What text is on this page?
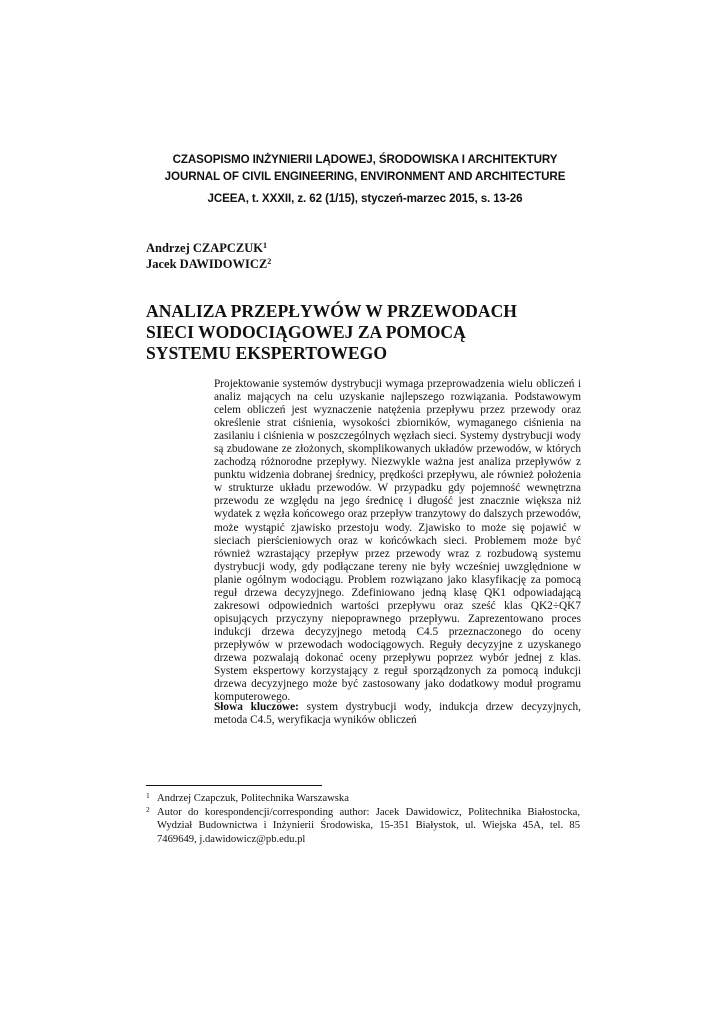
CZASOPISMO INŻYNIERII LĄDOWEJ, ŚRODOWISKA I ARCHITEKTURY
JOURNAL OF CIVIL ENGINEERING, ENVIRONMENT AND ARCHITECTURE
JCEEA, t. XXXII, z. 62 (1/15), styczeń-marzec 2015, s. 13-26
Andrzej CZAPCZUK$^1$
Jacek DAWIDOWICZ$^2$
ANALIZA PRZEPŁYWÓW W PRZEWODACH
SIECI WODOCIĄGOWEJ ZA POMOCĄ
SYSTEMU EKSPERTOWEGO
Projektowanie systemów dystrybucji wymaga przeprowadzenia wielu obliczeń i analiz mających na celu uzyskanie najlepszego rozwiązania. Podstawowym celem obliczeń jest wyznaczenie natężenia przepływu przez przewody oraz określenie strat ciśnienia, wysokości zbiorników, wymaganego ciśnienia na zasilaniu i ciśnienia w poszczególnych węzłach sieci. Systemy dystrybucji wody są zbudowane ze złożonych, skomplikowanych układów przewodów, w których zachodzą różnorodne przepływy. Niezwykle ważna jest analiza przepływów z punktu widzenia dobranej średnicy, prędkości przepływu, ale również położenia w strukturze układu przewodów. W przypadku gdy pojemność wewnętrzna przewodu ze względu na jego średnicę i długość jest znacznie większa niż wydatek z węzła końcowego oraz przepływ tranzytowy do dalszych przewodów, może wystąpić zjawisko przestoju wody. Zjawisko to może się pojawić w sieciach pierścieniowych oraz w końcówkach sieci. Problemem może być również wzrastający przepływ przez przewody wraz z rozbudową systemu dystrybucji wody, gdy podłączane tereny nie były wcześniej uwzględnione w planie ogólnym wodociągu. Problem rozwiązano jako klasyfikację za pomocą reguł drzewa decyzyjnego. Zdefiniowano jedną klasę QK1 odpowiadającą zakresowi odpowiednich wartości przepływu oraz sześć klas QK2÷QK7 opisujących przyczyny niepoprawnego przepływu. Zaprezentowano proces indukcji drzewa decyzyjnego metodą C4.5 przeznaczonego do oceny przepływów w przewodach wodociągowych. Reguły decyzyjne z uzyskanego drzewa pozwalają dokonać oceny przepływu poprzez wybór jednej z klas. System ekspertowy korzystający z reguł sporządzonych za pomocą indukcji drzewa decyzyjnego może być zastosowany jako dodatkowy moduł programu komputerowego.
Słowa kluczowe: system dystrybucji wody, indukcja drzew decyzyjnych, metoda C4.5, weryfikacja wyników obliczeń
1 Andrzej Czapczuk, Politechnika Warszawska
2 Autor do korespondencji/corresponding author: Jacek Dawidowicz, Politechnika Białostocka, Wydział Budownictwa i Inżynierii Środowiska, 15-351 Białystok, ul. Wiejska 45A, tel. 85 7469649, j.dawidowicz@pb.edu.pl
